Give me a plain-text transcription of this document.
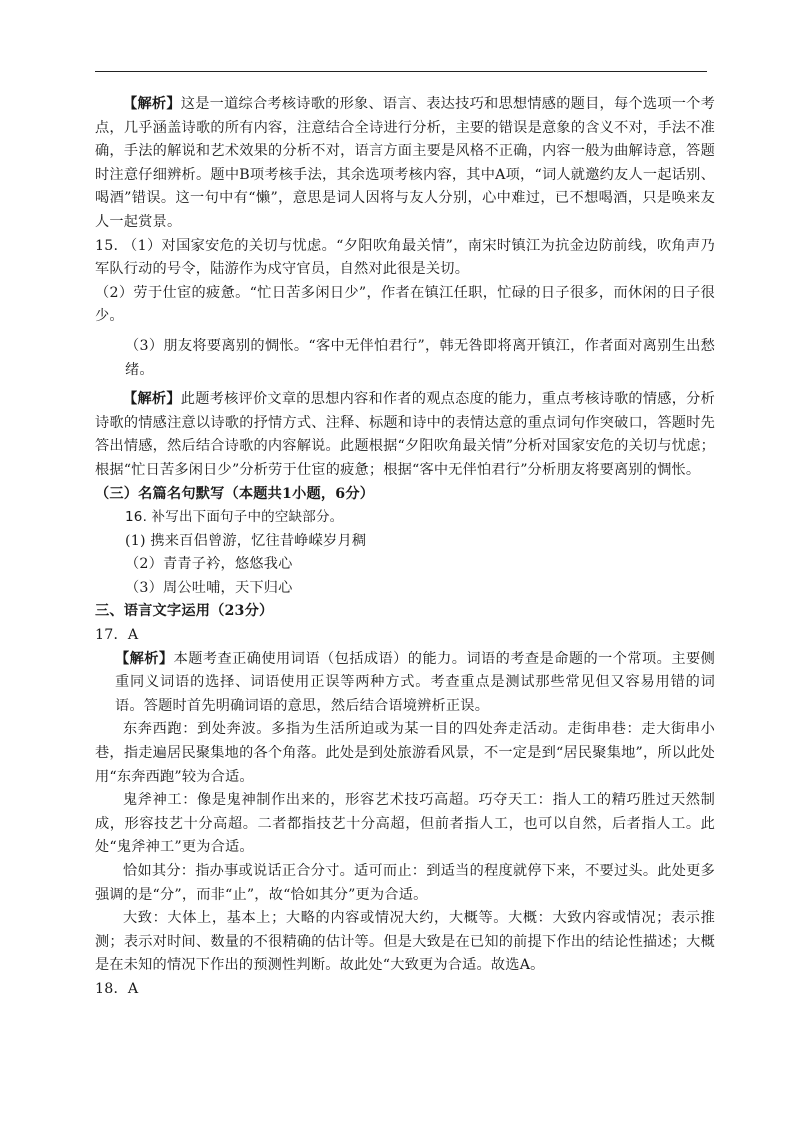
【解析】这是一道综合考核诗歌的形象、语言、表达技巧和思想情感的题目，每个选项一个考点，几乎涵盖诗歌的所有内容，注意结合全诗进行分析，主要的错误是意象的含义不对，手法不准确，手法的解说和艺术效果的分析不对，语言方面主要是风格不正确，内容一般为曲解诗意，答题时注意仔细辨析。题中B项考核手法，其余选项考核内容，其中A项，“词人就邀约友人一起话别、喝酒”错误。这一句中有“懒”，意思是词人因将与友人分别，心中难过，已不想喝酒，只是唤来友人一起赏景。

15. （1）对国家安危的关切与忧虑。“夕阳吹角最关情”，南宋时镇江为抗金边防前线，吹角声乃军队行动的号令，陆游作为戍守官员，自然对此很是关切。

（2）劳于仕宦的疲惫。“忙日苦多闲日少”，作者在镇江任职，忙碌的日子很多，而休闲的日子很少。

（3）朋友将要离别的惆怅。“客中无伴怕君行”，韩无咎即将离开镇江，作者面对离别生出愁绪。

【解析】此题考核评价文章的思想内容和作者的观点态度的能力，重点考核诗歌的情感，分析诗歌的情感注意以诗歌的抒情方式、注释、标题和诗中的表情达意的重点词句作突破口，答题时先答出情感，然后结合诗歌的内容解说。此题根据“夕阳吹角最关情”分析对国家安危的关切与忧虑；根据“忙日苦多闲日少”分析劳于仕宦的疲惫；根据“客中无伴怕君行”分析朋友将要离别的惆怅。

（三）名篇名句默写（本题共1小题，6分）

16. 补写出下面句子中的空缺部分。

(1) 携来百侣曾游，忆往昔峥嵘岁月稠

（2）青青子衿，悠悠我心

（3）周公吐哺，天下归心

三、语言文字运用（23分）

17．A

【解析】本题考查正确使用词语（包括成语）的能力。词语的考查是命题的一个常项。主要侧重同义词语的选择、词语使用正误等两种方式。考查重点是测试那些常见但又容易用错的词语。答题时首先明确词语的意思，然后结合语境辨析正误。

东奔西跑：到处奔波。多指为生活所迫或为某一目的四处奔走活动。走街串巷：走大街串小巷，指走遍居民聚集地的各个角落。此处是到处旅游看风景，不一定是到“居民聚集地”，所以此处用“东奔西跑”较为合适。

鬼斧神工：像是鬼神制作出来的，形容艺术技巧高超。巧夺天工：指人工的精巧胜过天然制成，形容技艺十分高超。二者都指技艺十分高超，但前者指人工，也可以自然，后者指人工。此处“鬼斧神工”更为合适。

恰如其分：指办事或说话正合分寸。适可而止：到适当的程度就停下来，不要过头。此处更多强调的是“分”，而非“止”，故“恰如其分”更为合适。

大致：大体上，基本上；大略的内容或情况大约，大概等。大概：大致内容或情况；表示推测；表示对时间、数量的不很精确的估计等。但是大致是在已知的前提下作出的结论性描述；大概是在未知的情况下作出的预测性判断。故此处“大致更为合适。故选A。

18．A
